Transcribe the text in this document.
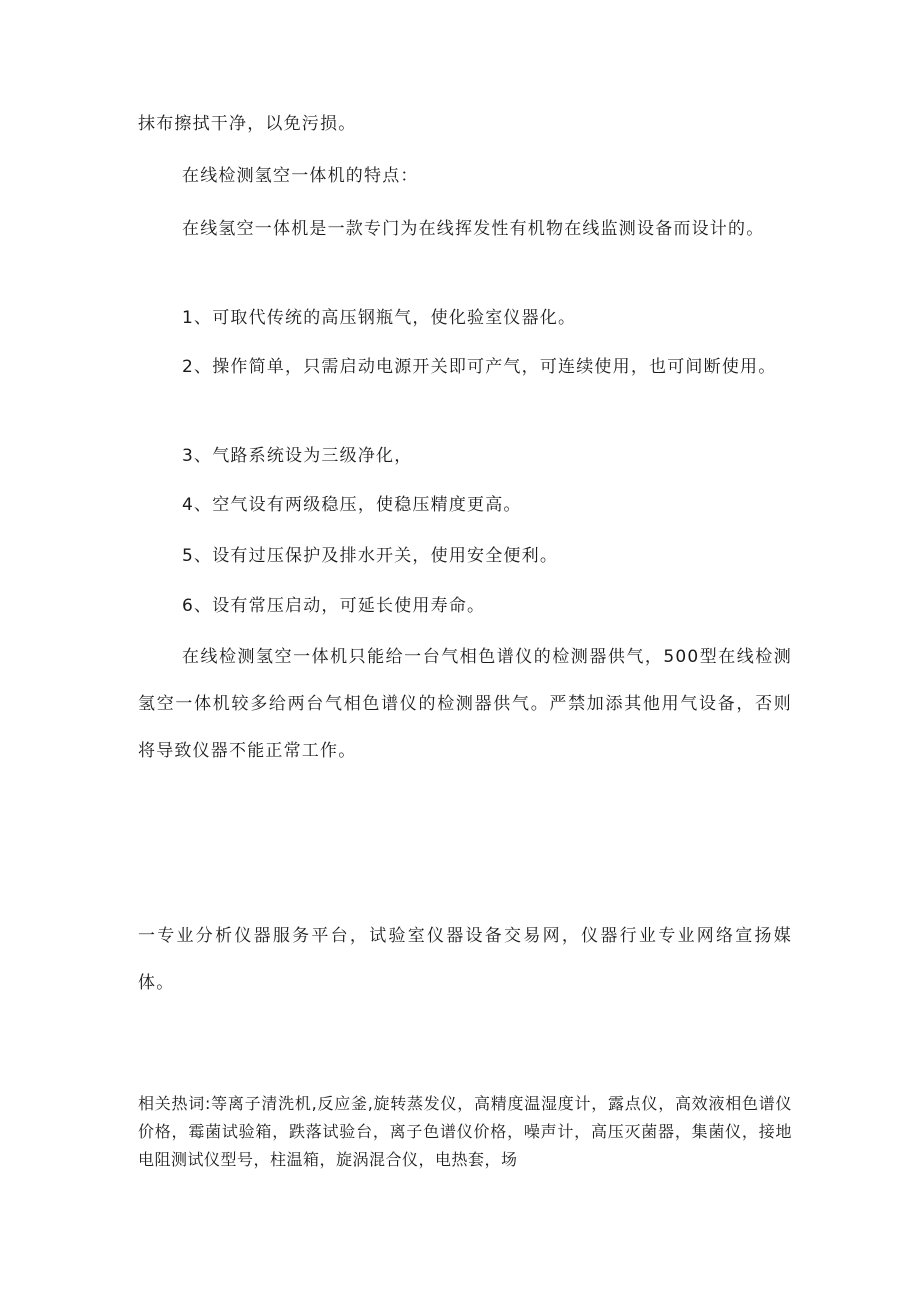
抹布擦拭干净，以免污损。

在线检测氢空一体机的特点：

在线氢空一体机是一款专门为在线挥发性有机物在线监测设备而设计的。

1、可取代传统的高压钢瓶气，使化验室仪器化。

2、操作简单，只需启动电源开关即可产气，可连续使用，也可间断使用。

3、气路系统设为三级净化，

4、空气设有两级稳压，使稳压精度更高。

5、设有过压保护及排水开关，使用安全便利。

6、设有常压启动，可延长使用寿命。

在线检测氢空一体机只能给一台气相色谱仪的检测器供气，500型在线检测氢空一体机较多给两台气相色谱仪的检测器供气。严禁加添其他用气设备，否则将导致仪器不能正常工作。

一专业分析仪器服务平台，试验室仪器设备交易网，仪器行业专业网络宣扬媒体。

相关热词:等离子清洗机,反应釜,旋转蒸发仪，高精度温湿度计，露点仪，高效液相色谱仪价格，霉菌试验箱，跌落试验台，离子色谱仪价格，噪声计，高压灭菌器，集菌仪，接地电阻测试仪型号，柱温箱，旋涡混合仪，电热套，场
